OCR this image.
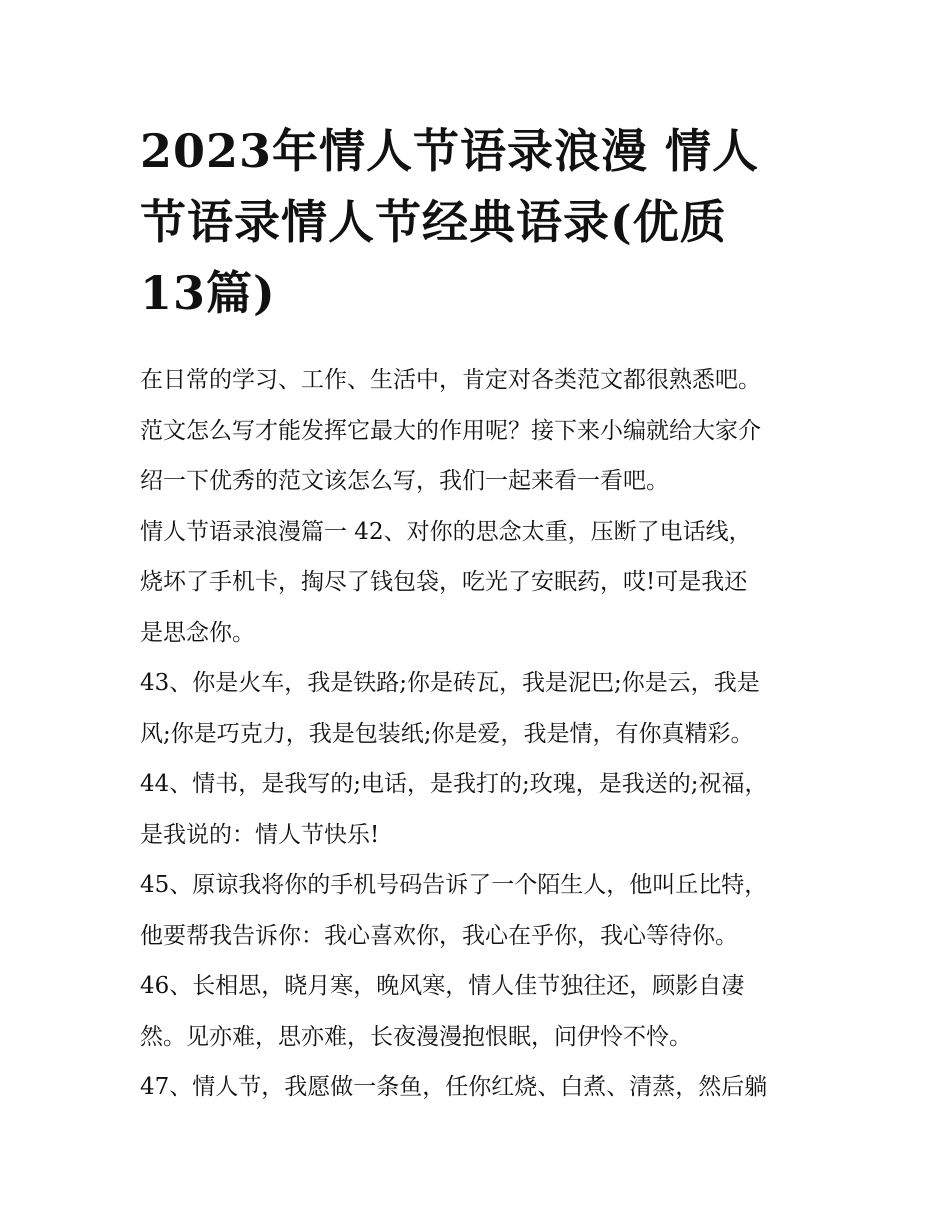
2023年情人节语录浪漫 情人
节语录情人节经典语录(优质
13篇)

在日常的学习、工作、生活中，肯定对各类范文都很熟悉吧。
范文怎么写才能发挥它最大的作用呢？接下来小编就给大家介
绍一下优秀的范文该怎么写，我们一起来看一看吧。

情人节语录浪漫篇一 42、对你的思念太重，压断了电话线，
烧坏了手机卡，掏尽了钱包袋，吃光了安眠药，哎!可是我还
是思念你。

43、你是火车，我是铁路;你是砖瓦，我是泥巴;你是云，我是
风;你是巧克力，我是包装纸;你是爱，我是情，有你真精彩。

44、情书，是我写的;电话，是我打的;玫瑰，是我送的;祝福，
是我说的：情人节快乐!

45、原谅我将你的手机号码告诉了一个陌生人，他叫丘比特，
他要帮我告诉你：我心喜欢你，我心在乎你，我心等待你。

46、长相思，晓月寒，晚风寒，情人佳节独往还，顾影自凄
然。见亦难，思亦难，长夜漫漫抱恨眠，问伊怜不怜。

47、情人节，我愿做一条鱼，任你红烧、白煮、清蒸，然后躺
